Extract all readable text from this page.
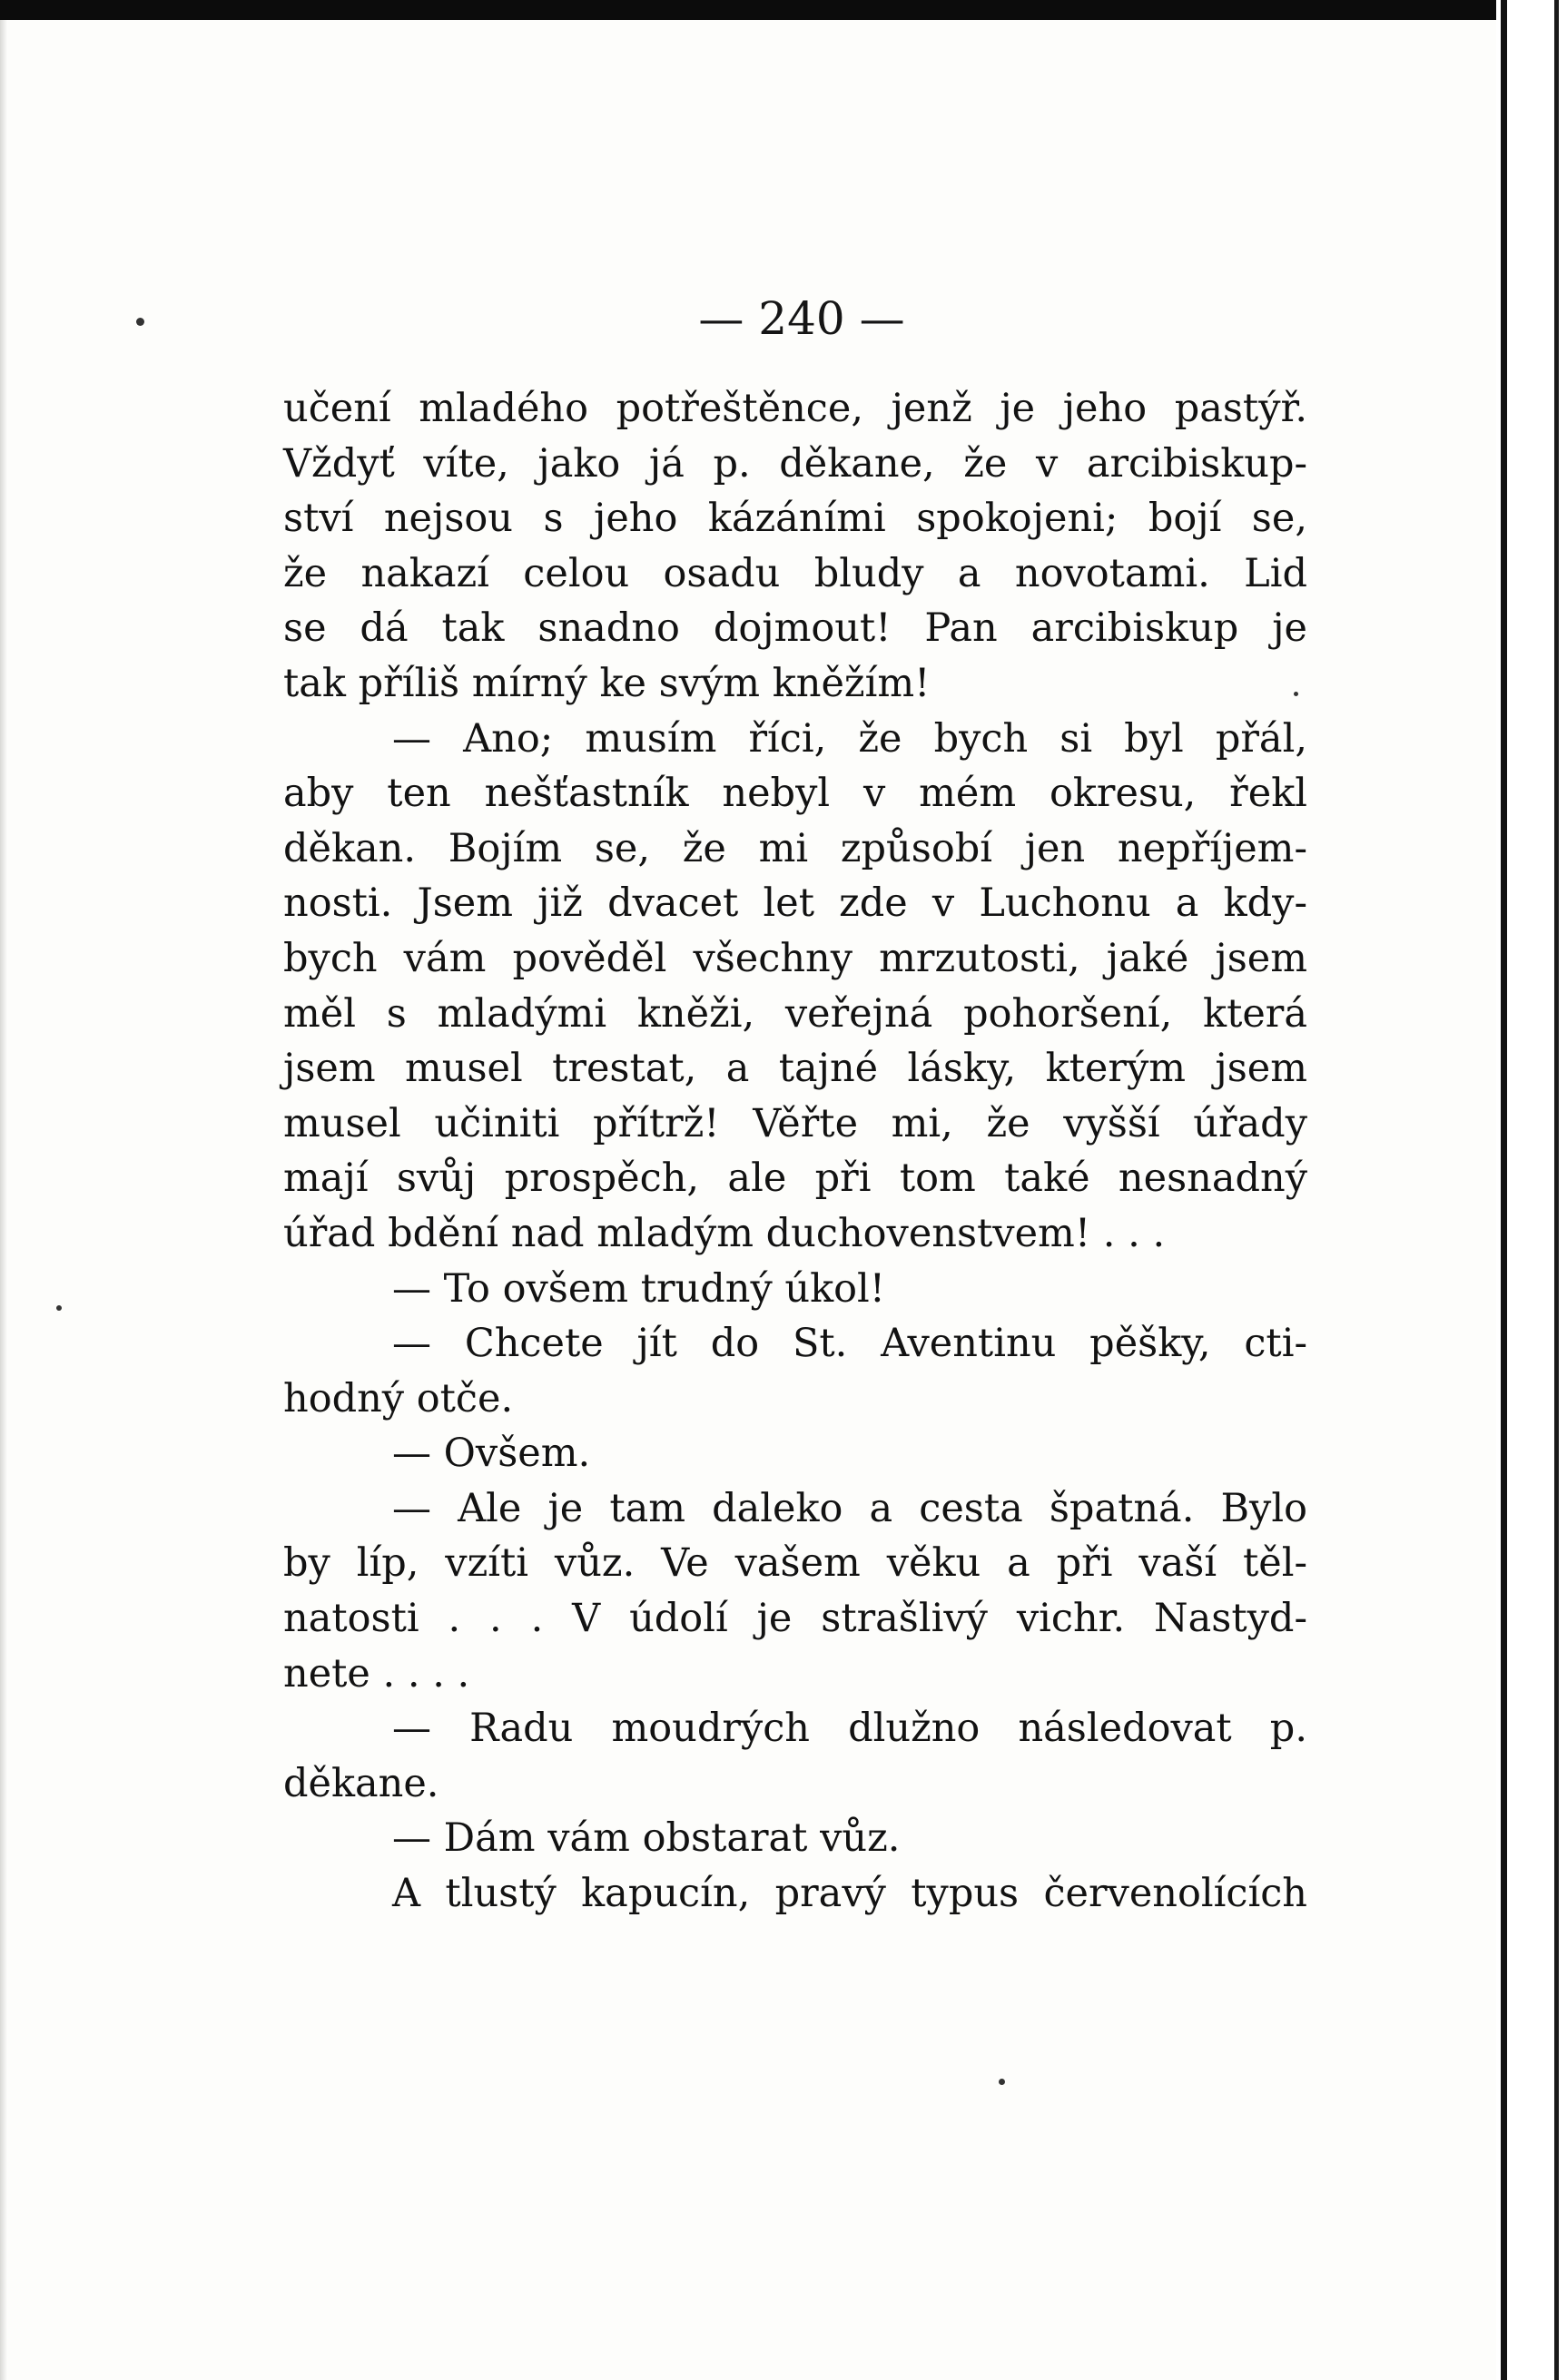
— 240 —
učení mladého potřeštěnce, jenž je jeho pastýř.
Vždyť víte, jako já p. děkane, že v arcibiskup-
ství nejsou s jeho kázáními spokojeni; bojí se,
že nakazí celou osadu bludy a novotami. Lid
se dá tak snadno dojmout! Pan arcibiskup je
tak příliš mírný ke svým kněžím!
— Ano; musím říci, že bych si byl přál,
aby ten nešťastník nebyl v mém okresu, řekl
děkan. Bojím se, že mi způsobí jen nepříjem-
nosti. Jsem již dvacet let zde v Luchonu a kdy-
bych vám pověděl všechny mrzutosti, jaké jsem
měl s mladými kněži, veřejná pohoršení, která
jsem musel trestat, a tajné lásky, kterým jsem
musel učiniti přítrž! Věřte mi, že vyšší úřady
mají svůj prospěch, ale při tom také nesnadný
úřad bdění nad mladým duchovenstvem! . . .
— To ovšem trudný úkol!
— Chcete jít do St. Aventinu pěšky, cti-
hodný otče.
— Ovšem.
— Ale je tam daleko a cesta špatná. Bylo
by líp, vzíti vůz. Ve vašem věku a při vaší těl-
natosti . . . V údolí je strašlivý vichr. Nastyd-
nete . . . .
— Radu moudrých dlužno následovat p.
děkane.
— Dám vám obstarat vůz.
A tlustý kapucín, pravý typus červenolících
